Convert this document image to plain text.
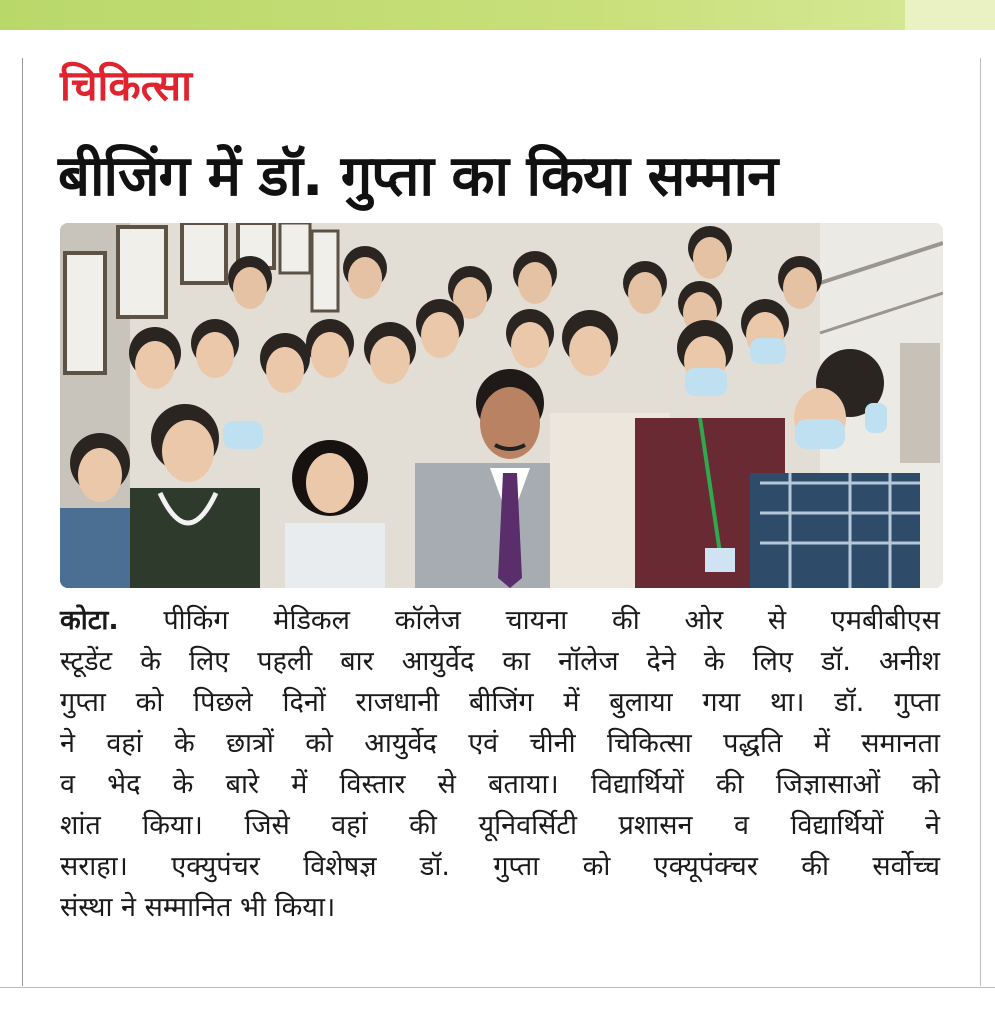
चिकित्सा
बीजिंग में डॉ. गुप्ता का किया सम्मान
कोटा. पीकिंग मेडिकल कॉलेज चायना की ओर से एमबीबीएस
स्टूडेंट के लिए पहली बार आयुर्वेद का नॉलेज देने के लिए डॉ. अनीश
गुप्ता को पिछले दिनों राजधानी बीजिंग में बुलाया गया था। डॉ. गुप्ता
ने वहां के छात्रों को आयुर्वेद एवं चीनी चिकित्सा पद्धति में समानता
व भेद के बारे में विस्तार से बताया। विद्यार्थियों की जिज्ञासाओं को
शांत किया। जिसे वहां की यूनिवर्सिटी प्रशासन व विद्यार्थियों ने
सराहा। एक्युपंचर विशेषज्ञ डॉ. गुप्ता को एक्यूपंक्चर की सर्वोच्च
संस्था ने सम्मानित भी किया।
